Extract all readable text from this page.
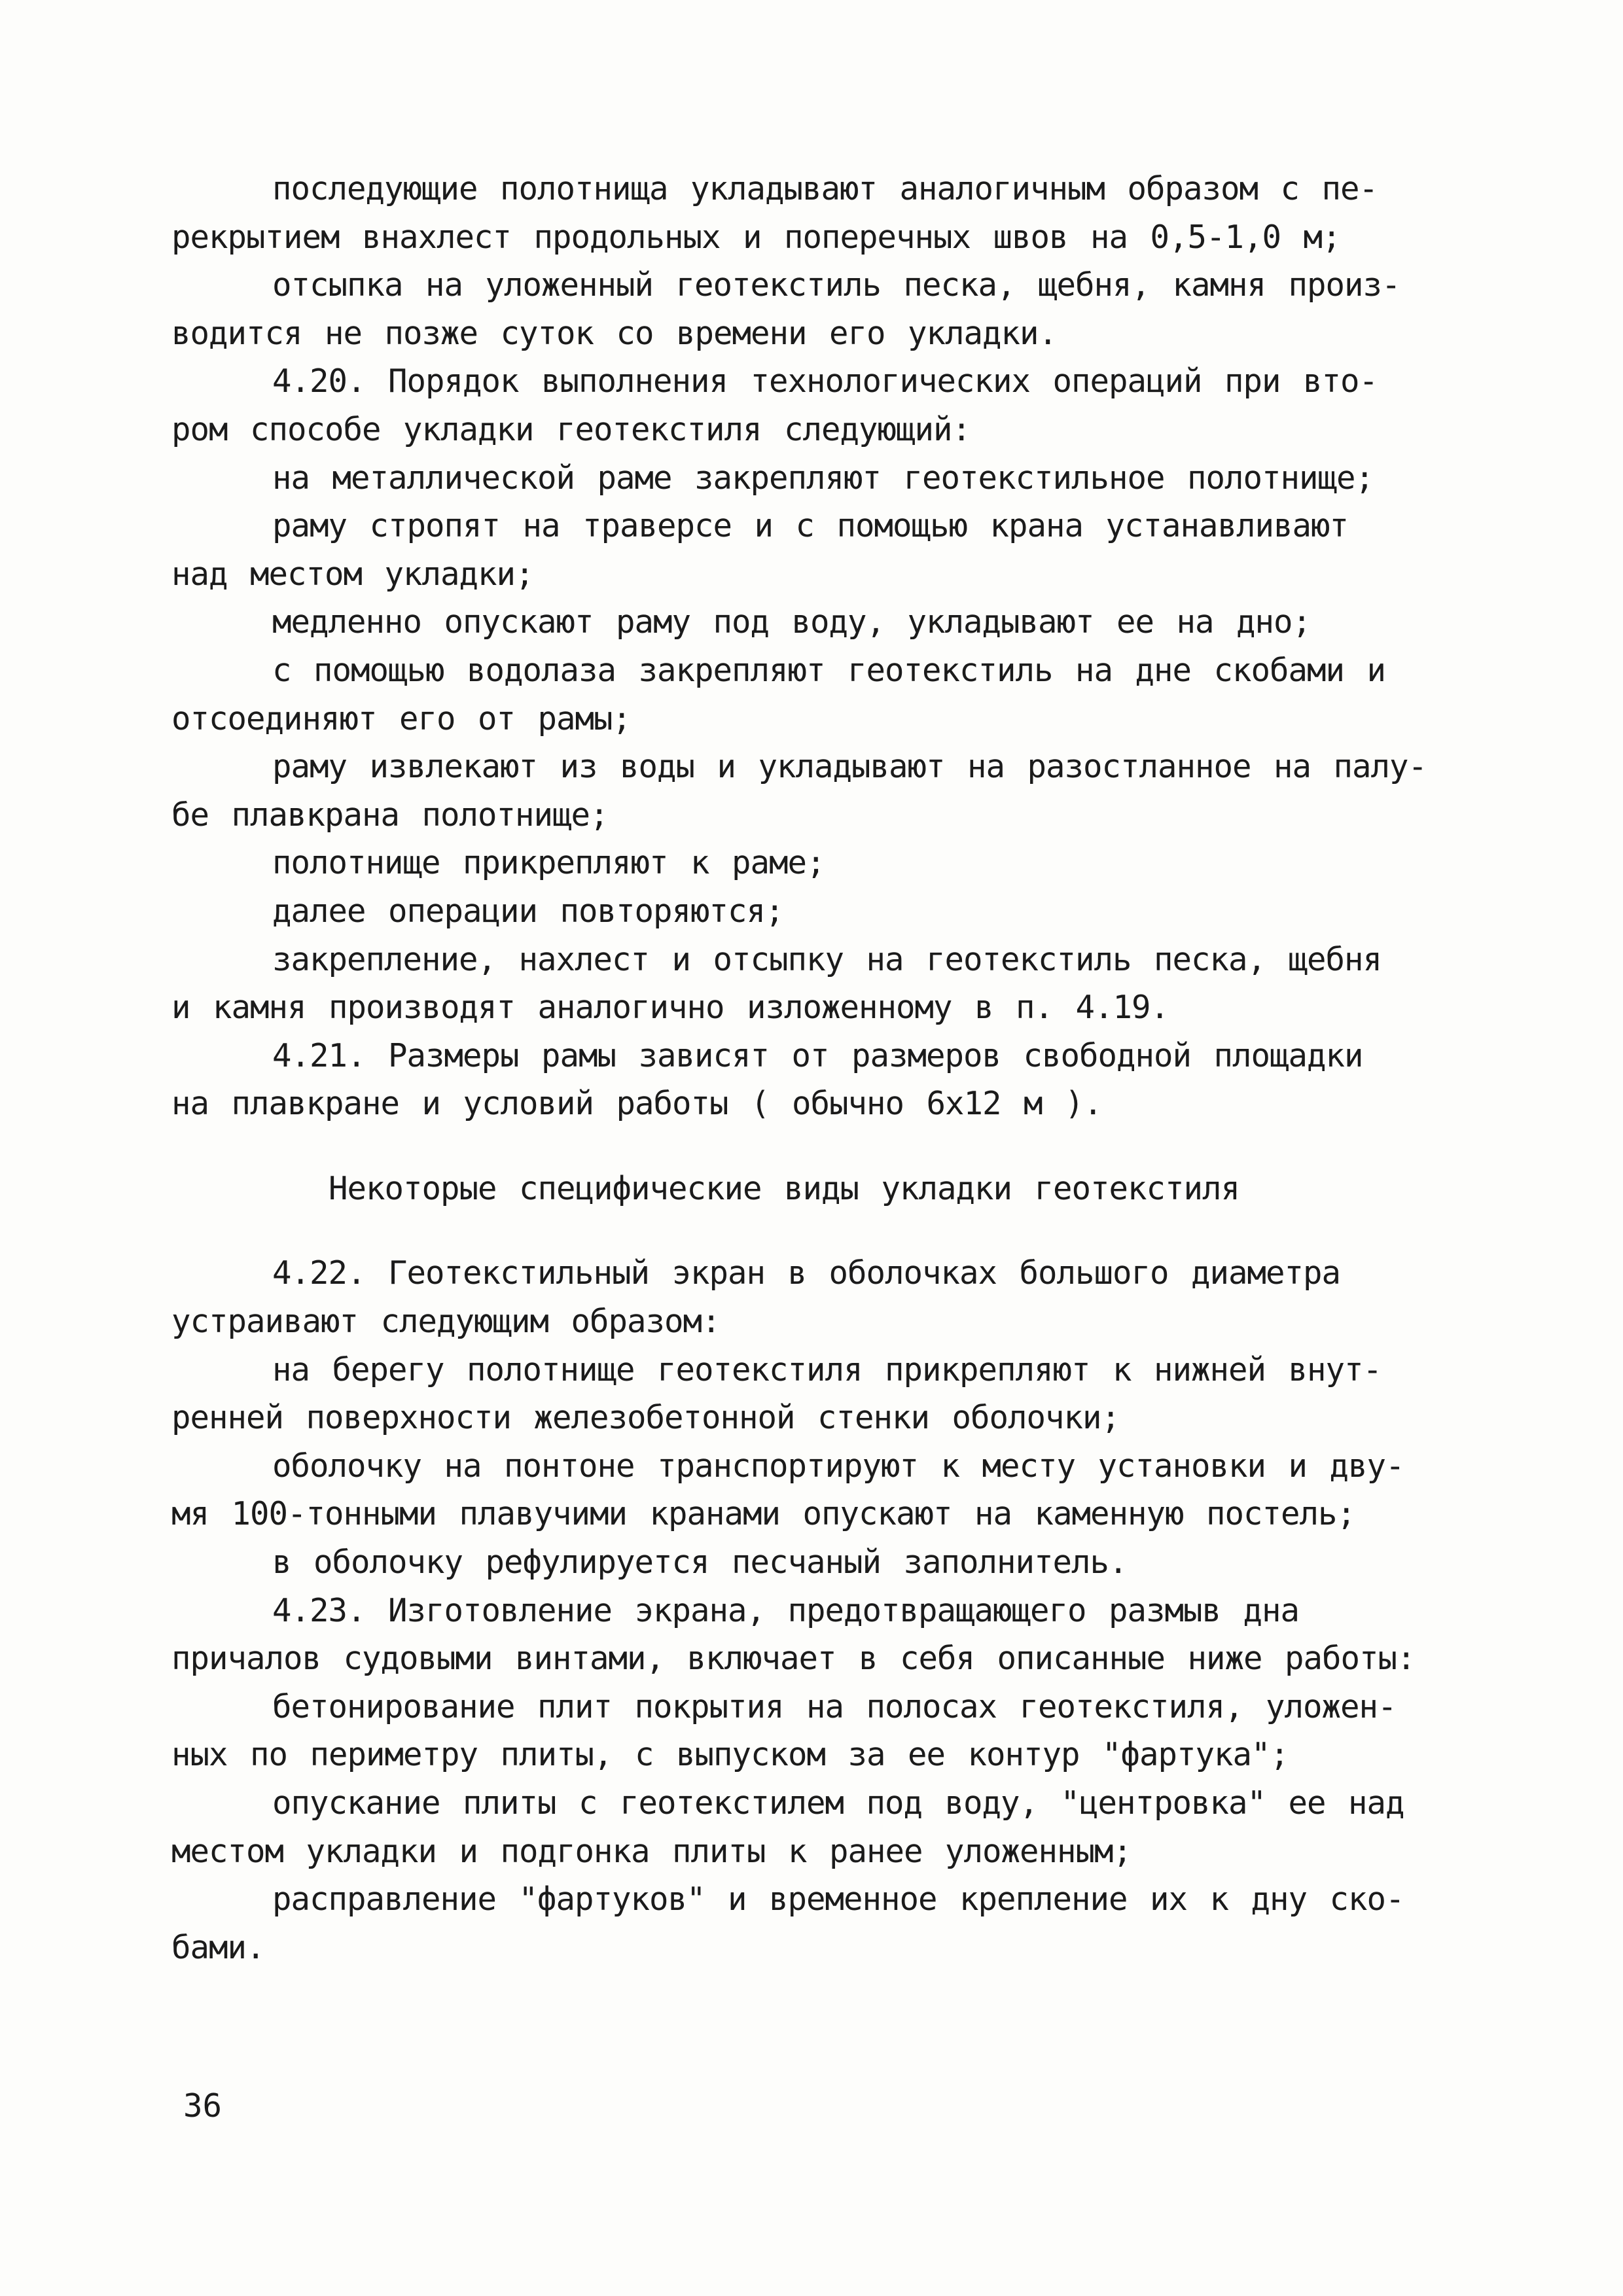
последующие полотнища укладывают аналогичным образом с пе-
рекрытием внахлест продольных и поперечных швов на 0,5-1,0 м;
отсыпка на уложенный геотекстиль песка, щебня, камня произ-
водится не позже суток со времени его укладки.
4.20. Порядок выполнения технологических операций при вто-
ром способе укладки геотекстиля следующий:
на металлической раме закрепляют геотекстильное полотнище;
раму стропят на траверсе и с помощью крана устанавливают
над местом укладки;
медленно опускают раму под воду, укладывают ее на дно;
с помощью водолаза закрепляют геотекстиль на дне скобами и
отсоединяют его от рамы;
раму извлекают из воды и укладывают на разостланное на палу-
бе плавкрана полотнище;
полотнище прикрепляют к раме;
далее операции повторяются;
закрепление, нахлест и отсыпку на геотекстиль песка, щебня
и камня производят аналогично изложенному в п. 4.19.
4.21. Размеры рамы зависят от размеров свободной площадки
на плавкране и условий работы ( обычно 6х12 м ).
Некоторые специфические виды укладки геотекстиля
4.22. Геотекстильный экран в оболочках большого диаметра
устраивают следующим образом:
на берегу полотнище геотекстиля прикрепляют к нижней внут-
ренней поверхности железобетонной стенки оболочки;
оболочку на понтоне транспортируют к месту установки и дву-
мя 100-тонными плавучими кранами опускают на каменную постель;
в оболочку рефулируется песчаный заполнитель.
4.23. Изготовление экрана, предотвращающего размыв дна
причалов судовыми винтами, включает в себя описанные ниже работы:
бетонирование плит покрытия на полосах геотекстиля, уложен-
ных по периметру плиты, с выпуском за ее контур "фартука";
опускание плиты с геотекстилем под воду, "центровка" ее над
местом укладки и подгонка плиты к ранее уложенным;
расправление "фартуков" и временное крепление их к дну ско-
бами.
36
